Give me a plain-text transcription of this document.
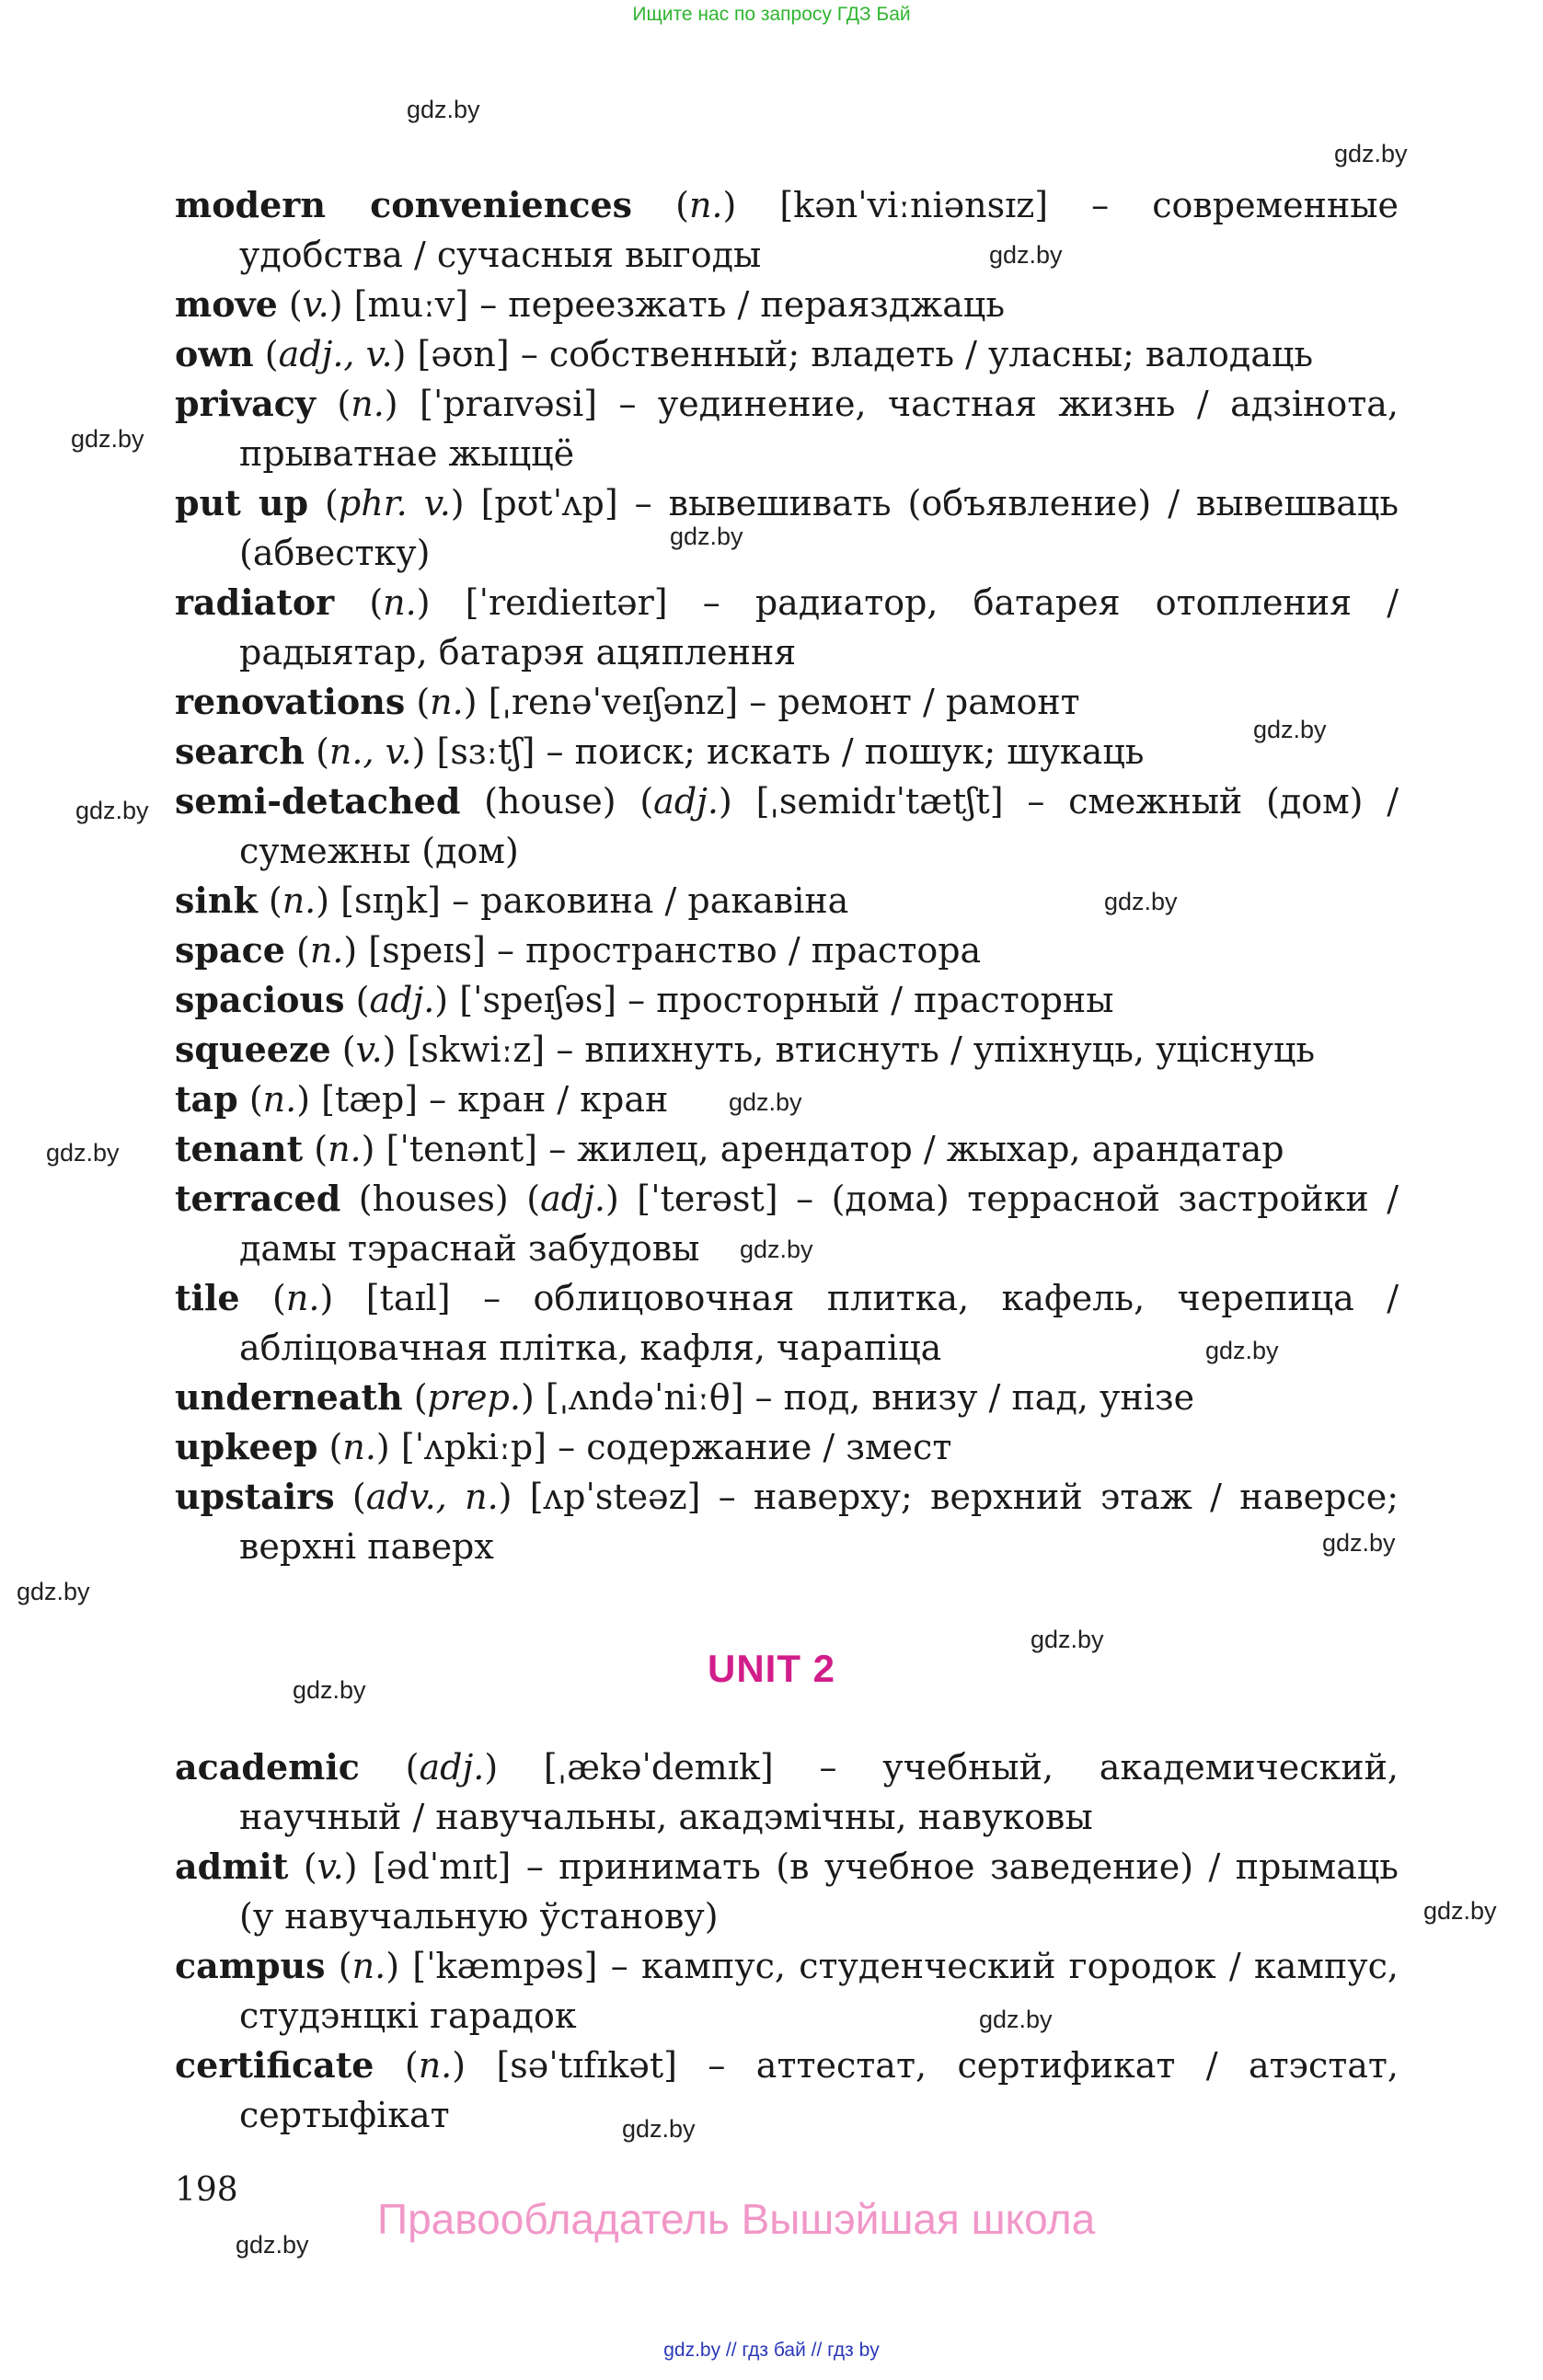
Ищите нас по запросу ГДЗ Бай
gdz.by
gdz.by
gdz.by
gdz.by
gdz.by
gdz.by
gdz.by
gdz.by
gdz.by
gdz.by
gdz.by
gdz.by
gdz.by
gdz.by
gdz.by
gdz.by
gdz.by
gdz.by
gdz.by
gdz.by
modern conveniences (n.) [kənˈviːniənsɪz] – современные удобства / сучасныя выгоды
move (v.) [muːv] – переезжать / пераязджаць
own (adj., v.) [əʊn] – собственный; владеть / уласны; валодаць
privacy (n.) [ˈpraɪvəsi] – уединение, частная жизнь / адзінота, прыватнае жыццё
put up (phr. v.) [pʊtˈʌp] – вывешивать (объявление) / вывешваць (абвестку)
radiator (n.) [ˈreɪdieɪtər] – радиатор, батарея отопления / радыятар, батарэя ацяплення
renovations (n.) [ˌrenəˈveɪʃənz] – ремонт / рамонт
search (n., v.) [sɜːtʃ] – поиск; искать / пошук; шукаць
semi-detached (house) (adj.) [ˌsemidɪˈtætʃt] – смежный (дом) / сумежны (дом)
sink (n.) [sɪŋk] – раковина / ракавіна
space (n.) [speɪs] – пространство / прастора
spacious (adj.) [ˈspeɪʃəs] – просторный / прасторны
squeeze (v.) [skwiːz] – впихнуть, втиснуть / упіхнуць, уціснуць
tap (n.) [tæp] – кран / кран
tenant (n.) [ˈtenənt] – жилец, арендатор / жыхар, арандатар
terraced (houses) (adj.) [ˈterəst] – (дома) террасной застройки / дамы тэраснай забудовы
tile (n.) [taɪl] – облицовочная плитка, кафель, черепица / абліцовачная плітка, кафля, чарапіца
underneath (prep.) [ˌʌndəˈniːθ] – под, внизу / пад, унізе
upkeep (n.) [ˈʌpkiːp] – содержание / змест
upstairs (adv., n.) [ʌpˈsteəz] – наверху; верхний этаж / наверсе; верхні паверх
UNIT 2
academic (adj.) [ˌækəˈdemɪk] – учебный, академический, научный / навучальны, акадэмічны, навуковы
admit (v.) [ədˈmɪt] – принимать (в учебное заведение) / прымаць (у навучальную ўстанову)
campus (n.) [ˈkæmpəs] – кампус, студенческий городок / кампус, студэнцкі гарадок
certificate (n.) [səˈtɪfɪkət] – аттестат, сертификат / атэстат, сертыфікат
198
Правообладатель Вышэйшая школа
gdz.by // гдз бай // гдз by
